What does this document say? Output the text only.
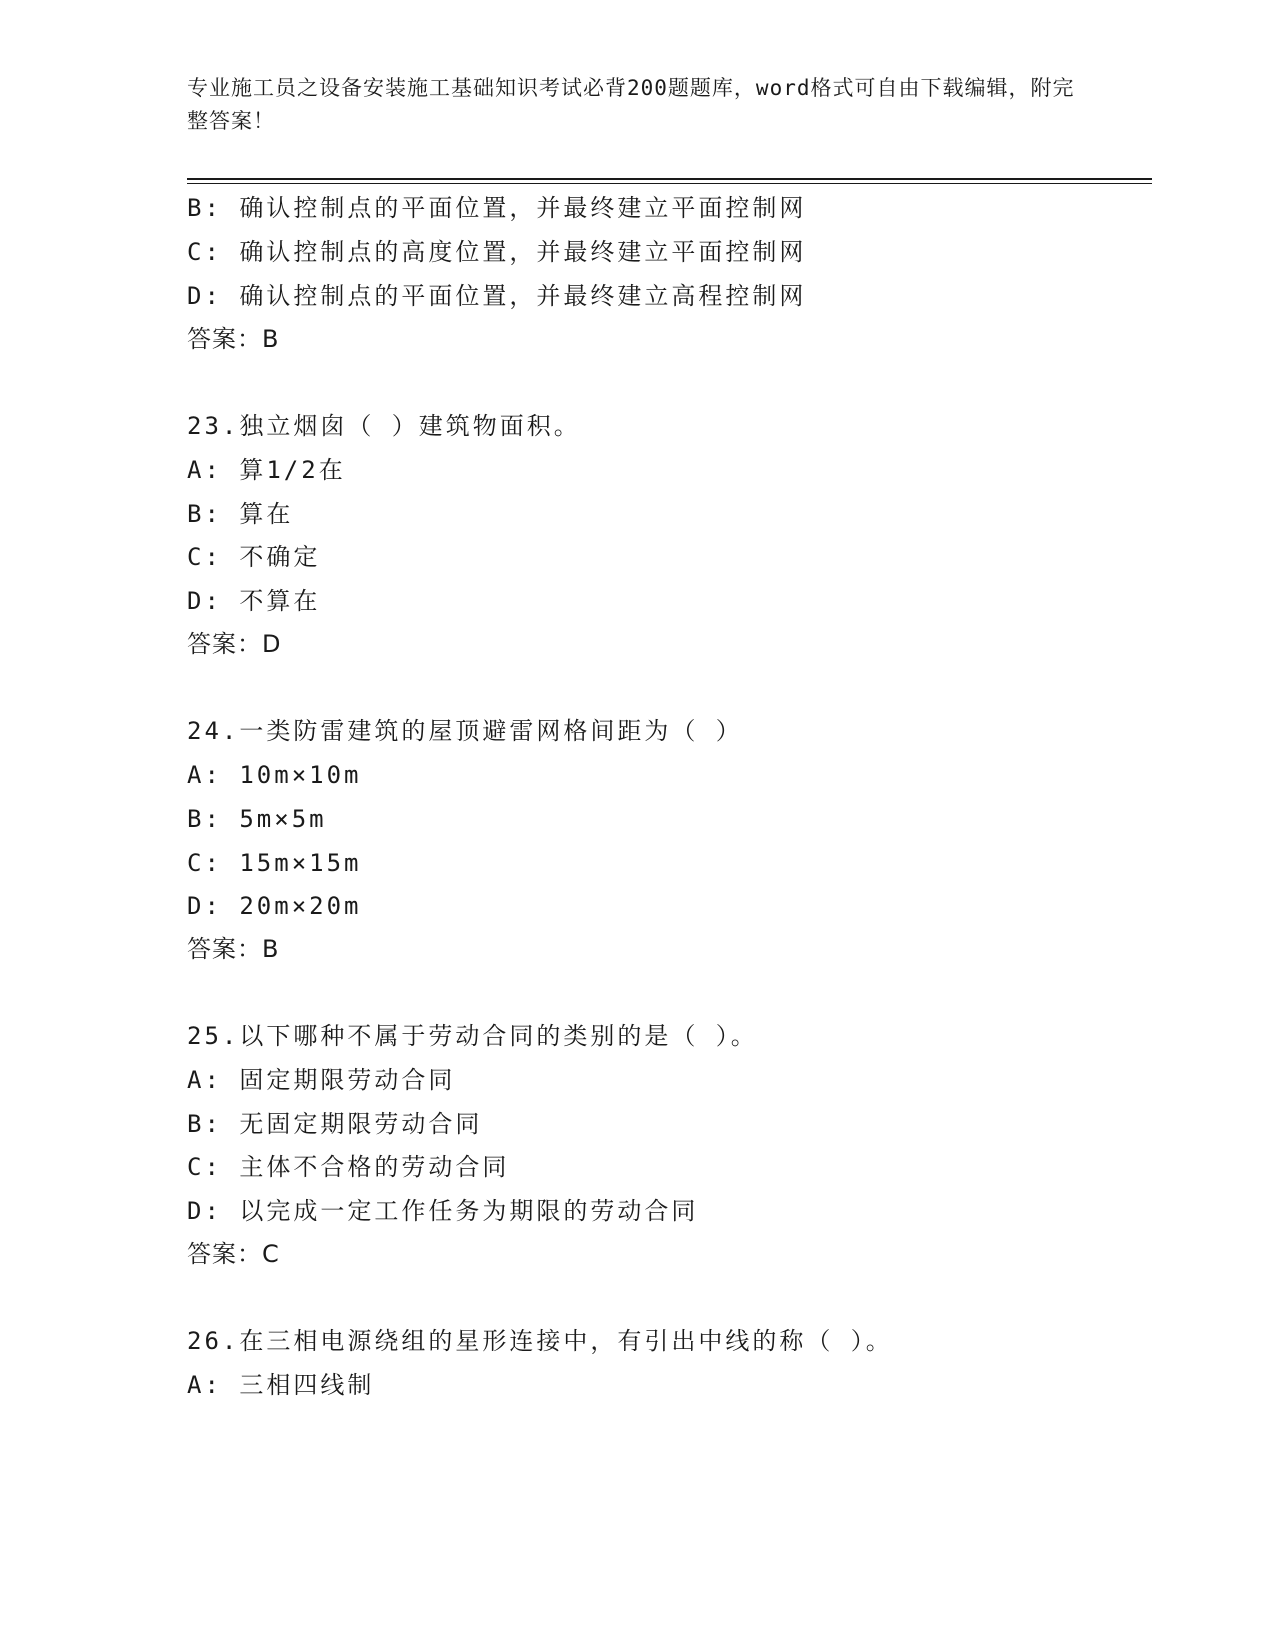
专业施工员之设备安装施工基础知识考试必背200题题库，word格式可自由下载编辑，附完整答案！

B: 确认控制点的平面位置，并最终建立平面控制网
C: 确认控制点的高度位置，并最终建立平面控制网
D: 确认控制点的平面位置，并最终建立高程控制网
答案：B
23.独立烟囱（ ）建筑物面积。
A: 算1/2在
B: 算在
C: 不确定
D: 不算在
答案：D
24.一类防雷建筑的屋顶避雷网格间距为（ ）
A: 10m×10m
B: 5m×5m
C: 15m×15m
D: 20m×20m
答案：B
25.以下哪种不属于劳动合同的类别的是（ ）。
A: 固定期限劳动合同
B: 无固定期限劳动合同
C: 主体不合格的劳动合同
D: 以完成一定工作任务为期限的劳动合同
答案：C
26.在三相电源绕组的星形连接中，有引出中线的称（ ）。
A: 三相四线制
